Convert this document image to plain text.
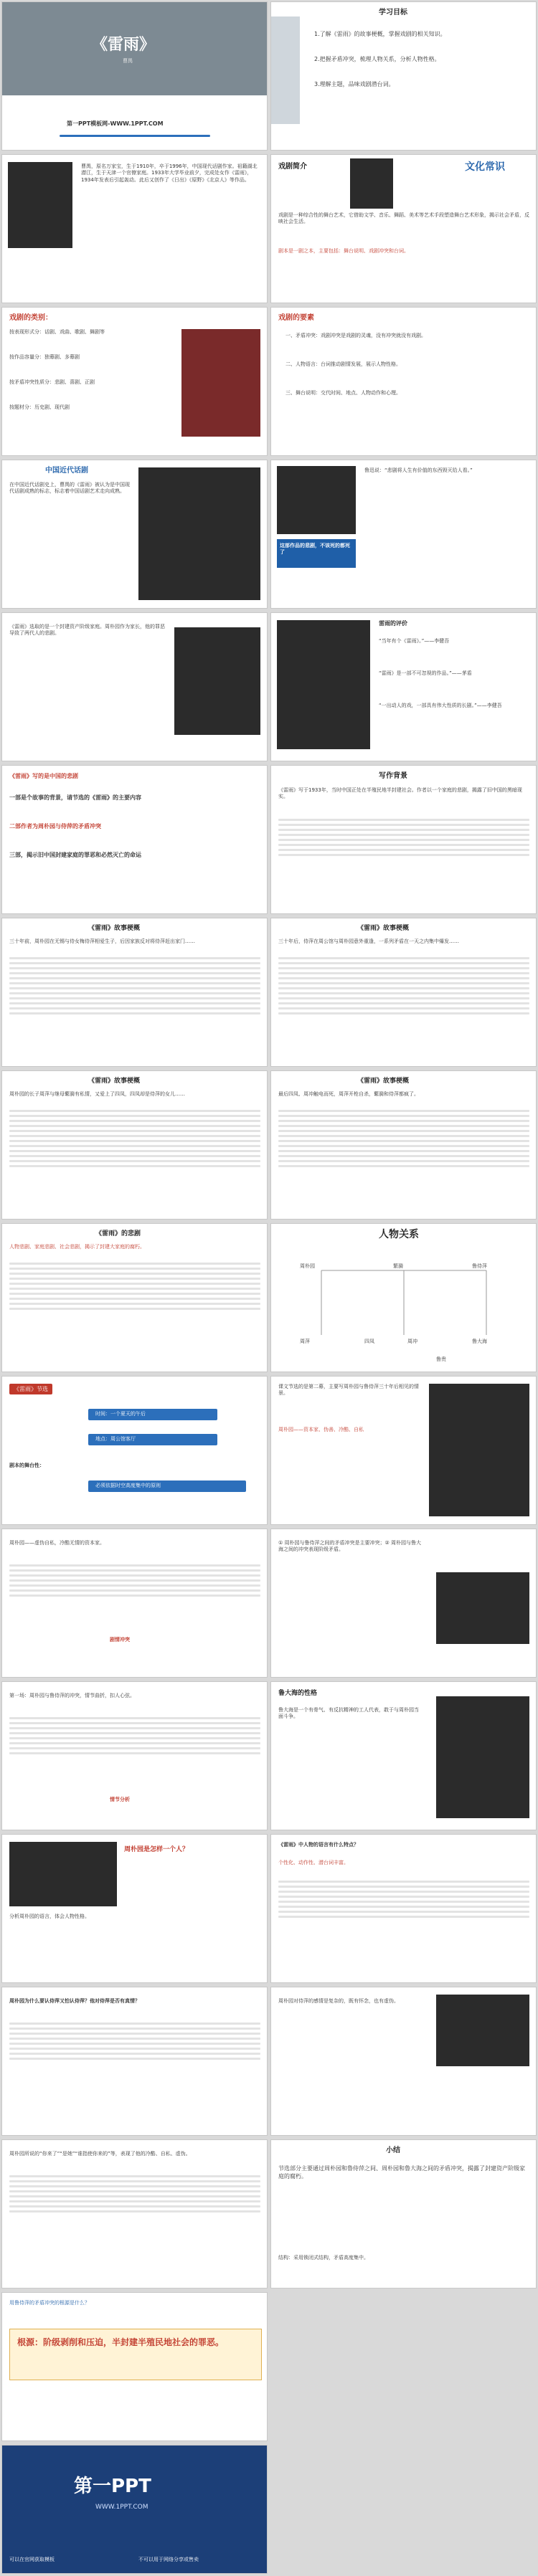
《雷雨》
曹禺
第一PPT模板网-WWW.1PPT.COM
学习目标
1.了解《雷雨》的故事梗概，掌握戏剧的相关知识。
2.把握矛盾冲突，梳理人物关系，分析人物性格。
3.理解主题，品味戏剧潜台词。
曹禺，原名万家宝，生于1910年，卒于1996年，中国现代话剧作家。祖籍湖北潜江，生于天津一个官僚家庭。1933年大学毕业前夕，完成处女作《雷雨》，1934年发表后引起轰动。此后又创作了《日出》《原野》《北京人》等作品。
戏剧简介	文化常识
戏剧是一种综合性的舞台艺术，它借助文学、音乐、舞蹈、美术等艺术手段塑造舞台艺术形象，揭示社会矛盾，反映社会生活。
剧本是一剧之本，主要包括：舞台说明、戏剧冲突和台词。
戏剧的类别：
按表现形式分：话剧、戏曲、歌剧、舞剧等
按作品容量分：独幕剧、多幕剧
按矛盾冲突性质分：悲剧、喜剧、正剧
按题材分：历史剧、现代剧
戏剧的要素
一、矛盾冲突：戏剧冲突是戏剧的灵魂，没有冲突就没有戏剧。
二、人物语言：台词推动剧情发展，展示人物性格。
三、舞台说明：交代时间、地点、人物动作和心理。
中国近代话剧
在中国近代话剧史上，曹禺的《雷雨》被认为是中国现代话剧成熟的标志，标志着中国话剧艺术走向成熟。
这部作品的悲剧，不该死的都死了
鲁迅说：“悲剧将人生有价值的东西毁灭给人看。”
《雷雨》选取的是一个封建资产阶级家庭。周朴园作为家长，他的罪恶导致了两代人的悲剧。
雷雨的评价
“当年有个《雷雨》。”——李健吾
“雷雨》是一部不可忽视的作品。”——茅盾
“一出动人的戏，一部具有伟大性质的长剧。”——李健吾
《雷雨》写的是中国的悲剧
一部是个故事的背景，请节选的《雷雨》的主要内容
二部作者为周朴园与侍萍的矛盾冲突
三部，揭示旧中国封建家庭的罪恶和必然灭亡的命运
写作背景
《雷雨》写于1933年，当时中国正处在半殖民地半封建社会。作者以一个家庭的悲剧，揭露了旧中国的黑暗现实。
《雷雨》故事梗概
三十年前，周朴园在无锡与侍女梅侍萍相爱生子，后因家族反对将侍萍赶出家门……
《雷雨》故事梗概
三十年后，侍萍在周公馆与周朴园意外重逢，一系列矛盾在一天之内集中爆发……
《雷雨》故事梗概
周朴园的长子周萍与继母蘩漪有私情，又爱上了四凤，四凤却是侍萍的女儿……
《雷雨》故事梗概
最后四凤、周冲触电而死，周萍开枪自杀，蘩漪和侍萍都疯了。
《雷雨》的悲剧
人物悲剧、家庭悲剧、社会悲剧，揭示了封建大家庭的腐朽。
人物关系
周朴园	鲁侍萍
繁漪
周萍	鲁大海
四凤	周冲
鲁贵
《雷雨》节选
时间：一个夏天的午后
地点：周公馆客厅
剧本的舞台性：
必须依据时空高度集中的原则
课文节选的是第二幕，主要写周朴园与鲁侍萍三十年后相见的情景。
周朴园——资本家、伪善、冷酷、自私
周朴园——虚伪自私，冷酷无情的资本家。
剧情冲突
① 周朴园与鲁侍萍之间的矛盾冲突是主要冲突；② 周朴园与鲁大海之间的冲突表现阶级矛盾。
第一场：周朴园与鲁侍萍的冲突，情节曲折，扣人心弦。
情节分析
鲁大海的性格
鲁大海是一个有骨气、有反抗精神的工人代表，敢于与周朴园当面斗争。
周朴园是怎样一个人？
分析周朴园的语言，体会人物性格。
《雷雨》中人物的语言有什么特点？
个性化、动作性、潜台词丰富。
周朴园为什么要认侍萍又怕认侍萍？他对侍萍是否有真情？	周朴园对侍萍的感情是复杂的，既有怀念，也有虚伪。
周朴园所说的“你来了”“是她”“谁指使你来的”等，表现了他的冷酷、自私、虚伪。	小结
节选部分主要通过周朴园和鲁侍萍之间、周朴园和鲁大海之间的矛盾冲突，揭露了封建资产阶级家庭的腐朽。
结构：采用锁闭式结构，矛盾高度集中。
用鲁侍萍的矛盾冲突的根源是什么？
根源：阶级剥削和压迫，半封建半殖民地社会的罪恶。
第一PPT
WWW.1PPT.COM
可以在官网获取模板	不可以用于网络分享或售卖
